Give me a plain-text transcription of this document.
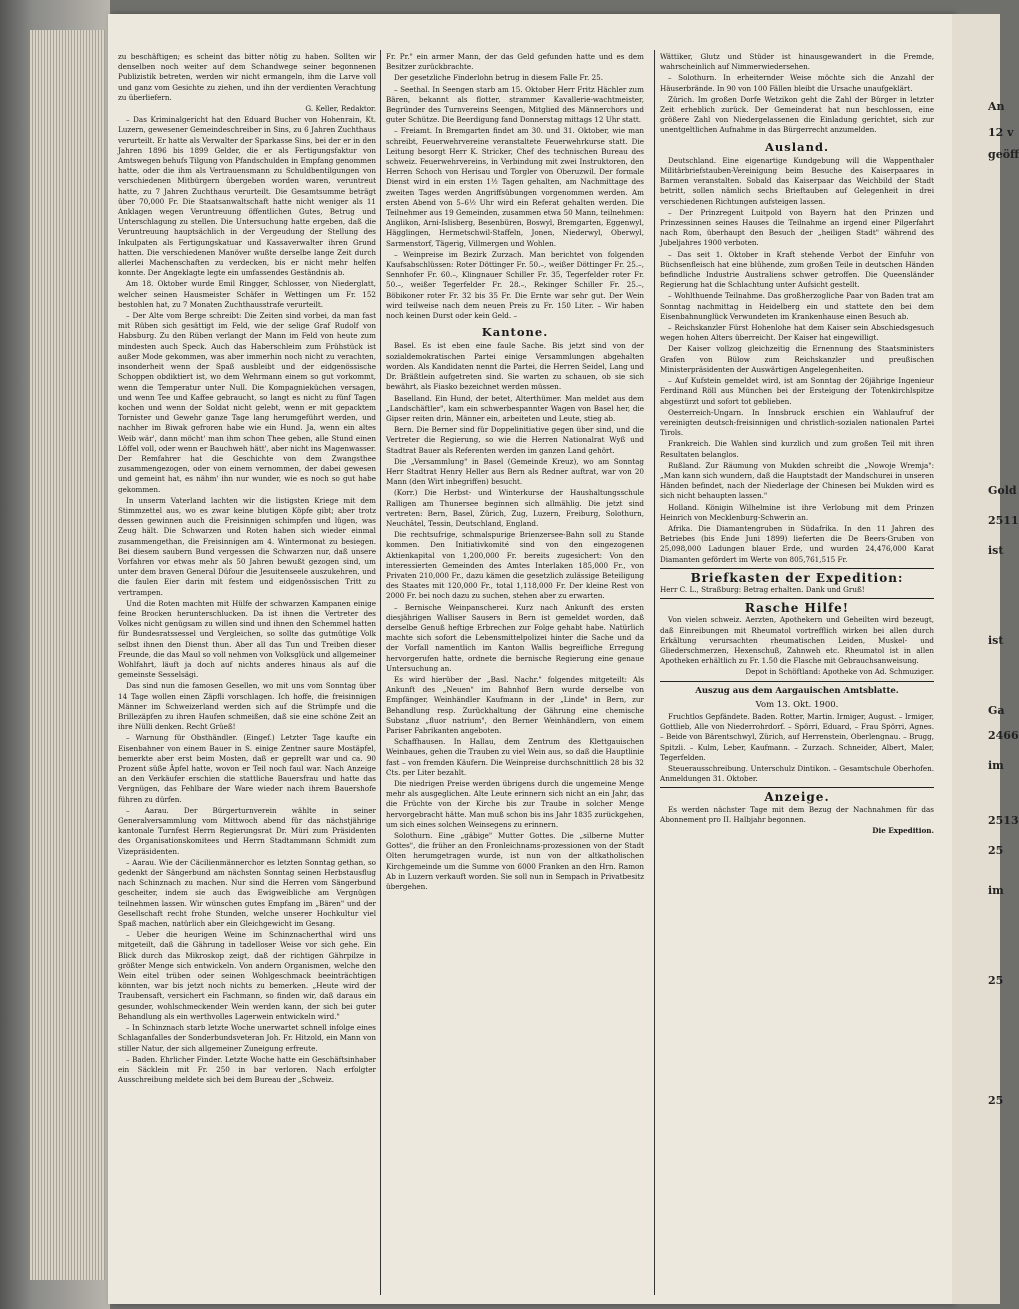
zu beschäftigen; es scheint das bitter nötig zu haben. Sollten wir denselben noch weiter auf dem Schandwege seiner begonnenen Publizistik betreten, werden wir nicht ermangeln, ihm die Larve voll und ganz vom Gesichte zu ziehen, und ihn der verdienten Verachtung zu überliefern.

G. Keller, Redaktor.

– Das Kriminalgericht hat den Eduard Bucher von Hohenrain, Kt. Luzern, gewesener Gemeindeschreiber in Sins, zu 6 Jahren Zuchthaus verurteilt. Er hatte als Verwalter der Sparkasse Sins, bei der er in den Jahren 1896 bis 1899 Gelder, die er als Fertigungsfaktur von Amtswegen behufs Tilgung von Pfandschulden in Empfang genommen hatte, oder die ihm als Vertrauensmann zu Schuldbentilgungen von verschiedenen Mitbürgern übergeben worden waren, veruntreut hatte, zu 7 Jahren Zuchthaus verurteilt. Die Gesamtsumme beträgt über 70,000 Fr. Die Staatsanwaltschaft hatte nicht weniger als 11 Anklagen wegen Veruntreuung öffentlichen Gutes, Betrug und Unterschlagung zu stellen. Die Untersuchung hatte ergeben, daß die Veruntreuung hauptsächlich in der Vergeudung der Stellung des Inkulpaten als Fertigungskatuar und Kassaverwalter ihren Grund hatten. Die verschiedenen Manöver wußte derselbe lange Zeit durch allerlei Machenschaften zu verdecken, bis er nicht mehr helfen konnte. Der Angeklagte legte ein umfassendes Geständnis ab.

Am 18. Oktober wurde Emil Ringger, Schlosser, von Niederglatt, welcher seinen Hausmeister Schäfer in Wettingen um Fr. 152 bestohlen hat, zu 7 Monaten Zuchthausstrafe verurteilt.

– Der Alte vom Berge schreibt: Die Zeiten sind vorbei, da man fast mit Rüben sich gesättigt im Feld, wie der selige Graf Rudolf von Habsburg. Zu den Rüben verlangt der Mann im Feld von heute zum mindesten auch Speck. Auch das Haberschleim zum Frühstück ist außer Mode gekommen, was aber immerhin noch nicht zu verachten, insonderheit wenn der Spaß ausbleibt und der eidgenössische Schoppen obdiktiert ist, wo dem Wehrmann einem so gut vorkommt, wenn die Temperatur unter Null. Die Kompagnieküchen versagen, und wenn Tee und Kaffee gebraucht, so langt es nicht zu fünf Tagen kochen und wenn der Soldat nicht gelebt, wenn er mit gepacktem Tornister und Gewehr ganze Tage lang herumgeführt werden, und nachher im Biwak gefroren habe wie ein Hund. Ja, wenn ein altes Weib wär', dann möcht' man ihm schon Thee geben, alle Stund einen Löffel voll, oder wenn er Bauchweh hätt', aber nicht ins Magenwasser. Der Remfahrer hat die Geschichte von dem Zwangsthee zusammengezogen, oder von einem vernommen, der dabei gewesen und gemeint hat, es nähm' ihn nur wunder, wie es noch so gut habe gekommen.

In unserm Vaterland lachten wir die listigsten Kriege mit dem Stimmzettel aus, wo es zwar keine blutigen Köpfe gibt; aber trotz dessen gewinnen auch die Freisinnigen schimpfen und lügen, was Zeug hält. Die Schwarzen und Roten haben sich wieder einmal zusammengethan, die Freisinnigen am 4. Wintermonat zu besiegen. Bei diesem saubern Bund vergessen die Schwarzen nur, daß unsere Vorfahren vor etwas mehr als 50 Jahren bewußt gezogen sind, um unter dem braven General Düfour die Jesuitenseele auszukehren, und die faulen Eier darin mit festem und eidgenössischen Tritt zu vertrampen.

Und die Roten machten mit Hülfe der schwarzen Kampanen einige feine Brocken herunterschlucken. Da ist ihnen die Vertreter des Volkes nicht genügsam zu willen sind und ihnen den Schemmel hatten für Bundesratssessel und Vergleichen, so sollte das gutmütige Volk selbst ihnen den Dienst thun. Aber all das Tun und Treiben dieser Freunde, die das Maul so voll nehmen von Volksglück und allgemeiner Wohlfahrt, läuft ja doch auf nichts anderes hinaus als auf die gemeinste Sesselsägi.

Das sind nun die famosen Gesellen, wo mit uns vom Sonntag über 14 Tage wollen einen Zäpfli vorschlagen. Ich hoffe, die freisinnigen Männer im Schweizerland werden sich auf die Strümpfe und die Brillezäpfen zu ihren Haufen schmeißen, daß sie eine schöne Zeit an ihre Nülli denken. Recht Grüeß!

– Warnung für Obsthändler. (Eingef.) Letzter Tage kaufte ein Eisenbahner von einem Bauer in S. einige Zentner saure Mostäpfel, bemerkte aber erst beim Mosten, daß er geprellt war und ca. 90 Prozent süße Äpfel hatte, wovon er Teil noch faul war. Nach Anzeige an den Verkäufer erschien die stattliche Bauersfrau und hatte das Vergnügen, das Fehlbare der Ware wieder nach ihrem Bauershofe führen zu dürfen.

– Aarau. Der Bürgerturnverein wählte in seiner Generalversammlung vom Mittwoch abend für das nächstjährige kantonale Turnfest Herrn Regierungsrat Dr. Müri zum Präsidenten des Organisationskomitees und Herrn Stadtammann Schmidt zum Vizepräsidenten.

– Aarau. Wie der Cäcilienmännerchor es letzten Sonntag gethan, so gedenkt der Sängerbund am nächsten Sonntag seinen Herbstausflug nach Schinznach zu machen. Nur sind die Herren vom Sängerbund gescheiter, indem sie auch das Ewigweibliche am Vergnügen teilnehmen lassen. Wir wünschen gutes Empfang im „Bären" und der Gesellschaft recht frohe Stunden, welche unserer Hochkultur viel Spaß machen, natürlich aber ein Gleichgewicht im Gesang.

– Ueber die heurigen Weine im Schinznacherthal wird uns mitgeteilt, daß die Gährung in tadelloser Weise vor sich gehe. Ein Blick durch das Mikroskop zeigt, daß der richtigen Gährpilze in größter Menge sich entwickeln. Von andern Organismen, welche den Wein eitel trüben oder seinen Wohlgeschmack beeinträchtigen könnten, war bis jetzt noch nichts zu bemerken. „Heute wird der Traubensaft, versichert ein Fachmann, so finden wir, daß daraus ein gesunder, wohlschmeckender Wein werden kann, der sich bei guter Behandlung als ein werthvolles Lagerwein entwickeln wird."

– In Schinznach starb letzte Woche unerwartet schnell infolge eines Schlaganfalles der Sonderbundsveteran Joh. Fr. Hitzold, ein Mann von stiller Natur, der sich allgemeiner Zuneigung erfreute.

– Baden. Ehrlicher Finder. Letzte Woche hatte ein Geschäftsinhaber ein Säcklein mit Fr. 250 in bar verloren. Nach erfolgter Ausschreibung meldete sich bei dem Bureau der „Schweiz.

Fr. Pr." ein armer Mann, der das Geld gefunden hatte und es dem Besitzer zurückbrachte.

Der gesetzliche Finderlohn betrug in diesem Falle Fr. 25.

– Seethal. In Seengen starb am 15. Oktober Herr Fritz Hächler zum Bären, bekannt als flotter, strammer Kavallerie-wachtmeister, Begründer des Turnvereins Seengen, Mitglied des Männerchors und guter Schütze. Die Beerdigung fand Donnerstag mittags 12 Uhr statt.

– Freiamt. In Bremgarten findet am 30. und 31. Oktober, wie man schreibt, Feuerwehrvereine veranstaltete Feuerwehrkurse statt. Die Leitung besorgt Herr K. Stricker, Chef des technischen Bureau des schweiz. Feuerwehrvereins, in Verbindung mit zwei Instruktoren, den Herren Schoch von Herisau und Torgler von Oberuzwil. Der formale Dienst wird in ein ersten 1½ Tagen gehalten, am Nachmittage des zweiten Tages werden Angriffsübungen vorgenommen werden. Am ersten Abend von 5–6½ Uhr wird ein Referat gehalten werden. Die Teilnehmer aus 19 Gemeinden, zusammen etwa 50 Mann, teilnehmen: Anglikon, Arni-Islisberg, Besenbüren, Boswyl, Bremgarten, Eggenwyl, Hägglingen, Hermetschwil-Staffeln, Jonen, Niederwyl, Oberwyl, Sarmenstorf, Tägerig, Villmergen und Wohlen.

– Weinpreise im Bezirk Zurzach. Man berichtet von folgenden Kaufsabschlüssen: Roter Döttinger Fr. 50.–, weißer Döttinger Fr. 25.–, Sennhofer Fr. 60.–, Klingnauer Schiller Fr. 35, Tegerfelder roter Fr. 50.–, weißer Tegerfelder Fr. 28.–, Rekinger Schiller Fr. 25.–, Böbikoner roter Fr. 32 bis 35 Fr. Die Ernte war sehr gut. Der Wein wird teilweise nach dem neuen Preis zu Fr. 150 Liter. – Wir haben noch keinen Durst oder kein Geld. –

Kantone.

Basel. Es ist eben eine faule Sache. Bis jetzt sind von der sozialdemokratischen Partei einige Versammlungen abgehalten worden. Als Kandidaten nennt die Partei, die Herren Seidel, Lang und Dr. Bräßtlein aufgetreten sind. Sie warten zu schauen, ob sie sich bewährt, als Fiasko bezeichnet werden müssen.

Baselland. Ein Hund, der betet, Alterthümer. Man meldet aus dem „Landschäftler", kam ein schwerbespannter Wagen von Basel her, die Gipser reiten drin, Männer ein, arbeiteten und Leute, stieg ab.

Bern. Die Berner sind für Doppelinitiative gegen über sind, und die Vertreter die Regierung, so wie die Herren Nationalrat Wyß und Stadtrat Bauer als Referenten werden im ganzen Land gehört.

Die „Versammlung" in Basel (Gemeinde Kreuz), wo am Sonntag Herr Stadtrat Henry Heller aus Bern als Redner auftrat, war von 20 Mann (den Wirt inbegriffen) besucht.

(Korr.) Die Herbst- und Winterkurse der Haushaltungsschule Ralligen am Thunersee beginnen sich allmählig. Die jetzt sind vertreten: Bern, Basel, Zürich, Zug, Luzern, Freiburg, Solothurn, Neuchâtel, Tessin, Deutschland, England.

Die rechtsufrige, schmalspurige Brienzersee-Bahn soll zu Stande kommen. Den Initiativkomité sind von den eingezogenen Aktienkapital von 1,200,000 Fr. bereits zugesichert: Von den interessierten Gemeinden des Amtes Interlaken 185,000 Fr., von Privaten 210,000 Fr., dazu kämen die gesetzlich zulässige Beteiligung des Staates mit 120,000 Fr., total 1,118,000 Fr. Der kleine Rest von 2000 Fr. bei noch dazu zu suchen, stehen aber zu erwarten.

– Bernische Weinpanscherei. Kurz nach Ankunft des ersten diesjährigen Walliser Sausers in Bern ist gemeldet worden, daß derselbe Genuß heftige Erbrechen zur Folge gehabt habe. Natürlich machte sich sofort die Lebensmittelpolizei hinter die Sache und da der Vorfall namentlich im Kanton Wallis begreifliche Erregung hervorgerufen hatte, ordnete die bernische Regierung eine genaue Untersuchung an.

Es wird hierüber der „Basl. Nachr." folgendes mitgeteilt: Als Ankunft des „Neuen" im Bahnhof Bern wurde derselbe von Empfänger, Weinhändler Kaufmann in der „Linde" in Bern, zur Behandlung resp. Zurückhaltung der Gährung eine chemische Substanz „fluor natrium", den Berner Weinhändlern, von einem Pariser Fabrikanten angeboten.

Schaffhausen. In Hallau, dem Zentrum des Klettgauischen Weinbaues, gehen die Trauben zu viel Wein aus, so daß die Hauptlinie fast – von fremden Käufern. Die Weinpreise durchschnittlich 28 bis 32 Cts. per Liter bezahlt.

Die niedrigen Preise werden übrigens durch die ungemeine Menge mehr als ausgeglichen. Alte Leute erinnern sich nicht an ein Jahr, das die Früchte von der Kirche bis zur Traube in solcher Menge hervorgebracht hätte. Man muß schon bis ins Jahr 1835 zurückgehen, um sich eines solchen Weinsegens zu erinnern.

Solothurn. Eine „gäbige" Mutter Gottes. Die „silberne Mutter Gottes", die früher an den Fronleichnams-prozessionen von der Stadt Olten herumgetragen wurde, ist nun von der altkatholischen Kirchgemeinde um die Summe von 6000 Franken an den Hrn. Ramon Ab in Luzern verkauft worden. Sie soll nun in Sempach in Privatbesitz übergehen.

Wättiker, Glutz und Stüder ist hinausgewandert in die Fremde, wahrscheinlich auf Nimmerwiedersehen.

– Solothurn. In erheiternder Weise möchte sich die Anzahl der Häuserbrände. In 90 von 100 Fällen bleibt die Ursache unaufgeklärt.

Zürich. Im großen Dorfe Wetzikon geht die Zahl der Bürger in letzter Zeit erheblich zurück. Der Gemeinderat hat nun beschlossen, eine größere Zahl von Niedergelassenen die Einladung gerichtet, sich zur unentgeltlichen Aufnahme in das Bürgerrecht anzumelden.

Ausland.

Deutschland. Eine eigenartige Kundgebung will die Wappenthaler Militärbriefstauben-Vereinigung beim Besuche des Kaiserpaares in Barmen veranstalten. Sobald das Kaiserpaar das Weichbild der Stadt betritt, sollen nämlich sechs Brieftauben auf Gelegenheit in drei verschiedenen Richtungen aufsteigen lassen.

– Der Prinzregent Luitpold von Bayern hat den Prinzen und Prinzessinnen seines Hauses die Teilnahme an irgend einer Pilgerfahrt nach Rom, überhaupt den Besuch der „heiligen Stadt" während des Jubeljahres 1900 verboten.

– Das seit 1. Oktober in Kraft stehende Verbot der Einfuhr von Büchsenfleisch hat eine blühende, zum großen Teile in deutschen Händen befindliche Industrie Australiens schwer getroffen. Die Queensländer Regierung hat die Schlachtung unter Aufsicht gestellt.

– Wohlthuende Teilnahme. Das großherzogliche Paar von Baden trat am Sonntag nachmittag in Heidelberg ein und stattete den bei dem Eisenbahnunglück Verwundeten im Krankenhause einen Besuch ab.

– Reichskanzler Fürst Hohenlohe hat dem Kaiser sein Abschiedsgesuch wegen hohen Alters überreicht. Der Kaiser hat eingewilligt.

Der Kaiser vollzog gleichzeitig die Ernennung des Staatsministers Grafen von Bülow zum Reichskanzler und preußischen Ministerpräsidenten der Auswärtigen Angelegenheiten.

– Auf Kufstein gemeldet wird, ist am Sonntag der 26jährige Ingenieur Ferdinand Röll aus München bei der Ersteigung der Totenkirchlspitze abgestürzt und sofort tot geblieben.

Oesterreich-Ungarn. In Innsbruck erschien ein Wahlaufruf der vereinigten deutsch-freisinnigen und christlich-sozialen nationalen Partei Tirols.

Frankreich. Die Wahlen sind kurzlich und zum großen Teil mit ihren Resultaten belanglos.

Rußland. Zur Räumung von Mukden schreibt die „Nowoje Wremja": „Man kann sich wundern, daß die Hauptstadt der Mandschurei in unseren Händen befindet, nach der Niederlage der Chinesen bei Mukden wird es sich nicht behaupten lassen."

Holland. Königin Wilhelmine ist ihre Verlobung mit dem Prinzen Heinrich von Mecklenburg-Schwerin an.

Afrika. Die Diamantengruben in Südafrika. In den 11 Jahren des Betriebes (bis Ende Juni 1899) lieferten die De Beers-Gruben von 25,098,000 Ladungen blauer Erde, und wurden 24,476,000 Karat Diamanten gefördert im Werte von 805,761,515 Fr.

Briefkasten der Expedition:

Herr C. L., Straßburg: Betrag erhalten. Dank und Gruß!

Rasche Hilfe!

Von vielen schweiz. Aerzten, Apothekern und Geheilten wird bezeugt, daß Einreibungen mit Rheumatol vortrefflich wirken bei allen durch Erkältung verursachten rheumatischen Leiden, Muskel- und Gliederschmerzen, Hexenschuß, Zahnweh etc. Rheumatol ist in allen Apotheken erhältlich zu Fr. 1.50 die Flasche mit Gebrauchsanweisung.

Depot in Schöftland: Apotheke von Ad. Schmuziger.

Auszug aus dem Aargauischen Amtsblatte.
Vom 13. Okt. 1900.

Fruchtlos Gepfändete. Baden. Rotter, Martin. Irmiger, August. – Irmiger, Gottlieb, Alle von Niederrohrdorf. – Spörri, Eduard, – Frau Spörri, Agnes. – Beide von Bärentschwyl, Zürich, auf Herrenstein, Oberlengnau. – Brugg, Spitzli. – Kulm, Leber, Kaufmann. – Zurzach. Schneider, Albert, Maler, Tegerfelden.

Steuerausschreibung. Unterschulz Dintikon. – Gesamtschule Oberhofen. Anmeldungen 31. Oktober.

Anzeige.

Es werden nächster Tage mit dem Bezug der Nachnahmen für das Abonnement pro II. Halbjahr begonnen.

Die Expedition.

An
12 v
geöff
Gold
2511
ist
ist
Ga
2466
im
2513
25
im
25
25
